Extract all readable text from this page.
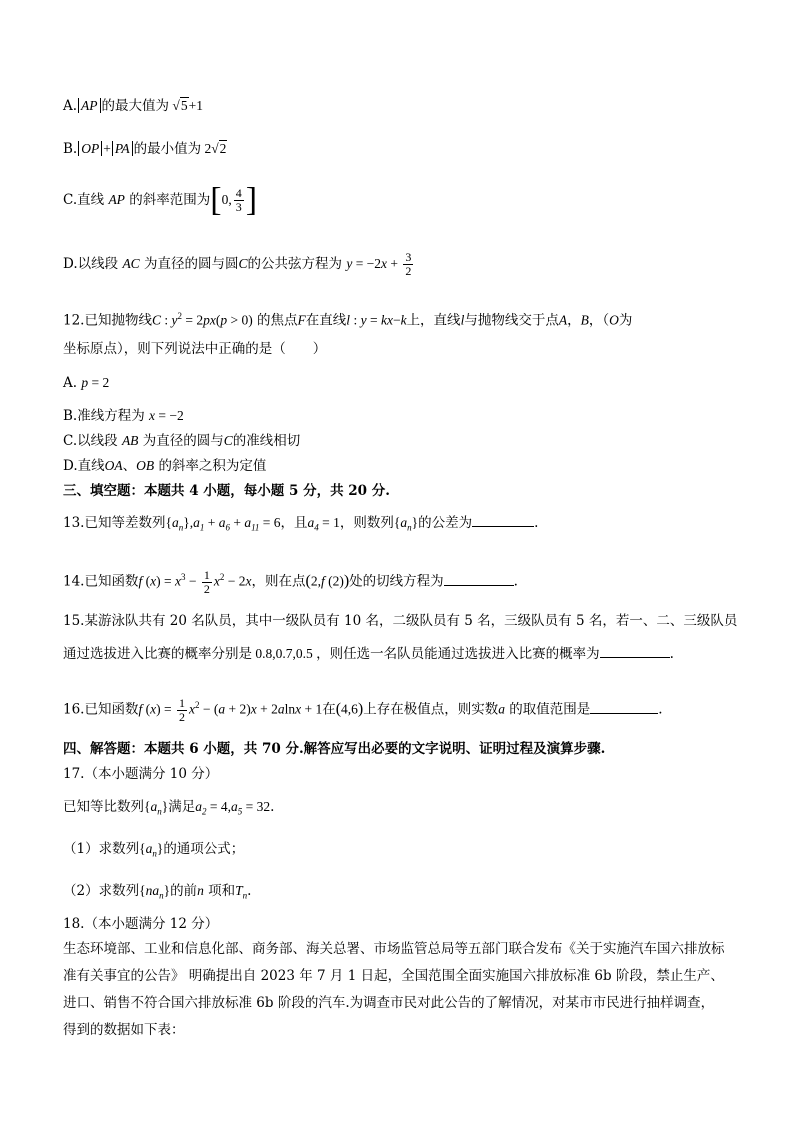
A. AP 的最大值为 √5+1
B. OP + PA 的最小值为 2√2
C.直线 AP 的斜率范围为[0, $\frac{4}{3}$ ]
D.以线段 AC 为直径的圆与圆C的公共弦方程为 $y = -2x + \frac{3}{2}$
12.已知抛物线C : $y^2 = 2px(p > 0)$ 的焦点F在直线l : y = kx−k上，直线l与抛物线交于点A，B，（O为
坐标原点），则下列说法中正确的是（　　）
A. p = 2
B.准线方程为 x = −2
C.以线段 AB 为直径的圆与C的准线相切
D.直线OA、OB 的斜率之积为定值
三、填空题：本题共 4 小题，每小题 5 分，共 20 分.
13.已知等差数列$\{a_n\},a_1 + a_6 + a_{11} = 6$，且$a_4 = 1$，则数列$\{a_n\}$的公差为	.
14.已知函数f $(x) = x^3 - \frac{1}{2} x^2 - 2x$，则在点(2,f (2))处的切线方程为	.
15.某游泳队共有 20 名队员，其中一级队员有 10 名，二级队员有 5 名，三级队员有 5 名，若一、二、三级队员
通过选拔进入比赛的概率分别是 0.8,0.7,0.5 ，则任选一名队员能通过选拔进入比赛的概率为	.
16.已知函数f $(x) = \frac{1}{2} x^2 - (a + 2)x + 2alnx + 1$在(4,6)上存在极值点，则实数a 的取值范围是	.
四、解答题：本题共 6 小题，共 70 分.解答应写出必要的文字说明、证明过程及演算步骤.
17.（本小题满分 10 分）
已知等比数列$\{a_n\}$满足$a_2 = 4,a_5 = 32$.
（1）求数列$\{a_n\}$的通项公式；
（2）求数列$\{na_n\}$的前n 项和$T_n$.
18.（本小题满分 12 分）
生态环境部、工业和信息化部、商务部、海关总署、市场监管总局等五部门联合发布《关于实施汽车国六排放标
准有关事宜的公告》 明确提出自 2023 年 7 月 1 日起，全国范围全面实施国六排放标准 6b 阶段，禁止生产、
进口、销售不符合国六排放标准 6b 阶段的汽车.为调查市民对此公告的了解情况，对某市市民进行抽样调查，
得到的数据如下表：
